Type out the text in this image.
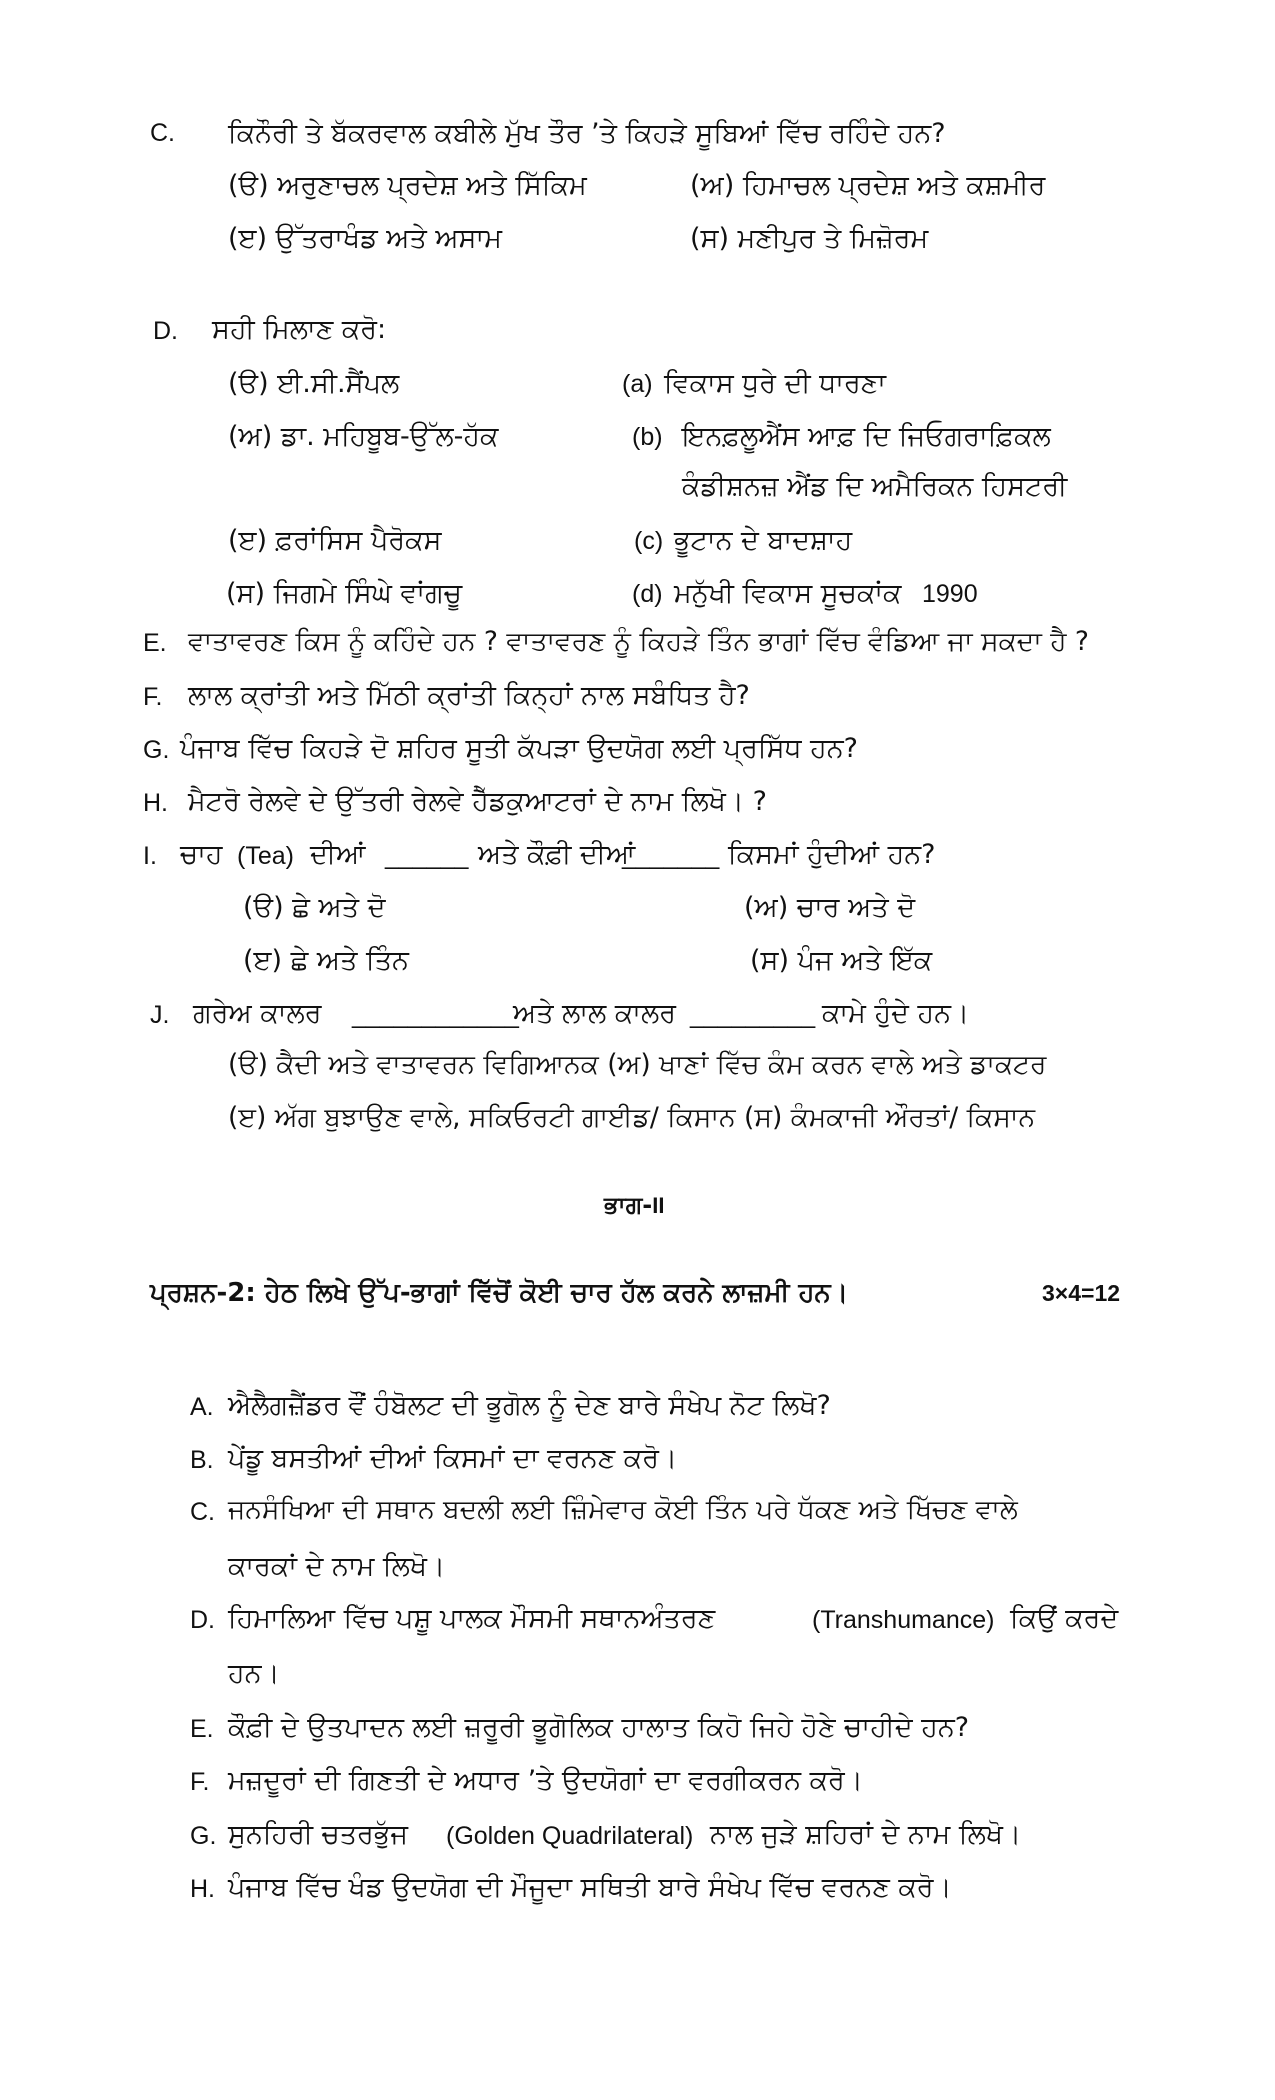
C. ਕਿਨੌਰੀ ਤੇ ਬੱਕਰਵਾਲ ਕਬੀਲੇ ਮੁੱਖ ਤੌਰ ’ਤੇ ਕਿਹੜੇ ਸੂਬਿਆਂ ਵਿੱਚ ਰਹਿੰਦੇ ਹਨ?
(ੳ) ਅਰੁਣਾਚਲ ਪ੍ਰਦੇਸ਼ ਅਤੇ ਸਿੱਕਿਮ	(ਅ) ਹਿਮਾਚਲ ਪ੍ਰਦੇਸ਼ ਅਤੇ ਕਸ਼ਮੀਰ
(ੲ) ਉੱਤਰਾਖੰਡ ਅਤੇ ਅਸਾਮ	(ਸ) ਮਣੀਪੁਰ ਤੇ ਮਿਜ਼ੋਰਮ
D. ਸਹੀ ਮਿਲਾਣ ਕਰੋ:
(ੳ) ਈ.ਸੀ.ਸੈਂਪਲ	(a) ਵਿਕਾਸ ਧੁਰੇ ਦੀ ਧਾਰਣਾ
(ਅ) ਡਾ. ਮਹਿਬੂਬ-ਉੱਲ-ਹੱਕ	(b) ਇਨਫ਼ਲੂਐਂਸ ਆਫ਼ ਦਿ ਜਿਓਗਰਾਫ਼ਿਕਲ
ਕੰਡੀਸ਼ਨਜ਼ ਐਂਡ ਦਿ ਅਮੈਰਿਕਨ ਹਿਸਟਰੀ
(ੲ) ਫ਼ਰਾਂਸਿਸ ਪੈਰੋਕਸ	(c) ਭੂਟਾਨ ਦੇ ਬਾਦਸ਼ਾਹ
(ਸ) ਜਿਗਮੇ ਸਿੰਘੇ ਵਾਂਗਚੂ	(d) ਮਨੁੱਖੀ ਵਿਕਾਸ ਸੂਚਕਾਂਕ 1990
E. ਵਾਤਾਵਰਣ ਕਿਸ ਨੂੰ ਕਹਿੰਦੇ ਹਨ ? ਵਾਤਾਵਰਣ ਨੂੰ ਕਿਹੜੇ ਤਿੰਨ ਭਾਗਾਂ ਵਿੱਚ ਵੰਡਿਆ ਜਾ ਸਕਦਾ ਹੈ ?
F. ਲਾਲ ਕ੍ਰਾਂਤੀ ਅਤੇ ਮਿੱਠੀ ਕ੍ਰਾਂਤੀ ਕਿਨ੍ਹਾਂ ਨਾਲ ਸਬੰਧਿਤ ਹੈ?
G. ਪੰਜਾਬ ਵਿੱਚ ਕਿਹੜੇ ਦੋ ਸ਼ਹਿਰ ਸੂਤੀ ਕੱਪੜਾ ਉਦਯੋਗ ਲਈ ਪ੍ਰਸਿੱਧ ਹਨ?
H. ਮੈਟਰੋ ਰੇਲਵੇ ਦੇ ਉੱਤਰੀ ਰੇਲਵੇ ਹੈੱਡਕੁਆਟਰਾਂ ਦੇ ਨਾਮ ਲਿਖੋ। ?
I. ਚਾਹ (Tea) ਦੀਆਂ ______ ਅਤੇ ਕੌਫ਼ੀ ਦੀਆਂ
_______ ਕਿਸਮਾਂ ਹੁੰਦੀਆਂ ਹਨ?
(ੳ) ਛੇ ਅਤੇ ਦੋ	(ਅ) ਚਾਰ ਅਤੇ ਦੋ
(ੲ) ਛੇ ਅਤੇ ਤਿੰਨ	(ਸ) ਪੰਜ ਅਤੇ ਇੱਕ
J. ਗਰੇਅ ਕਾਲਰ ____________
ਅਤੇ ਲਾਲ ਕਾਲਰ _________ ਕਾਮੇ ਹੁੰਦੇ ਹਨ।
(ੳ) ਕੈਦੀ ਅਤੇ ਵਾਤਾਵਰਨ ਵਿਗਿਆਨਕ (ਅ) ਖਾਣਾਂ ਵਿੱਚ ਕੰਮ ਕਰਨ ਵਾਲੇ ਅਤੇ ਡਾਕਟਰ
(ੲ) ਅੱਗ ਬੁਝਾਉਣ ਵਾਲੇ, ਸਕਿਓਰਟੀ ਗਾਈਡ/ ਕਿਸਾਨ (ਸ) ਕੰਮਕਾਜੀ ਔਰਤਾਂ/ ਕਿਸਾਨ
ਭਾਗ-II
ਪ੍ਰਸ਼ਨ-2: ਹੇਠ ਲਿਖੇ ਉੱਪ-ਭਾਗਾਂ ਵਿੱਚੋਂ ਕੋਈ ਚਾਰ ਹੱਲ ਕਰਨੇ ਲਾਜ਼ਮੀ ਹਨ।	3×4=12
A. ਐਲੈਗਜ਼ੈਂਡਰ ਵੌਂ ਹੰਬੋਲਟ ਦੀ ਭੂਗੋਲ ਨੂੰ ਦੇਣ ਬਾਰੇ ਸੰਖੇਪ ਨੋਟ ਲਿਖੋ?
B. ਪੇਂਡੂ ਬਸਤੀਆਂ ਦੀਆਂ ਕਿਸਮਾਂ ਦਾ ਵਰਨਣ ਕਰੋ।
C. ਜਨਸੰਖਿਆ ਦੀ ਸਥਾਨ ਬਦਲੀ ਲਈ ਜ਼ਿੰਮੇਵਾਰ ਕੋਈ ਤਿੰਨ ਪਰੇ ਧੱਕਣ ਅਤੇ ਖਿੱਚਣ ਵਾਲੇ
ਕਾਰਕਾਂ ਦੇ ਨਾਮ ਲਿਖੋ।
D. ਹਿਮਾਲਿਆ ਵਿੱਚ ਪਸ਼ੂ ਪਾਲਕ ਮੌਸਮੀ ਸਥਾਨਅੰਤਰਣ	(Transhumance) ਕਿਉਂ ਕਰਦੇ
ਹਨ।
E. ਕੌਫ਼ੀ ਦੇ ਉਤਪਾਦਨ ਲਈ ਜ਼ਰੂਰੀ ਭੂਗੋਲਿਕ ਹਾਲਾਤ ਕਿਹੋ ਜਿਹੇ ਹੋਣੇ ਚਾਹੀਦੇ ਹਨ?
F. ਮਜ਼ਦੂਰਾਂ ਦੀ ਗਿਣਤੀ ਦੇ ਅਧਾਰ ’ਤੇ ਉਦਯੋਗਾਂ ਦਾ ਵਰਗੀਕਰਨ ਕਰੋ।
G. ਸੁਨਹਿਰੀ ਚਤਰਭੁੱਜ (Golden Quadrilateral) ਨਾਲ ਜੁੜੇ ਸ਼ਹਿਰਾਂ ਦੇ ਨਾਮ ਲਿਖੋ।
H. ਪੰਜਾਬ ਵਿੱਚ ਖੰਡ ਉਦਯੋਗ ਦੀ ਮੌਜੂਦਾ ਸਥਿਤੀ ਬਾਰੇ ਸੰਖੇਪ ਵਿੱਚ ਵਰਨਣ ਕਰੋ।
